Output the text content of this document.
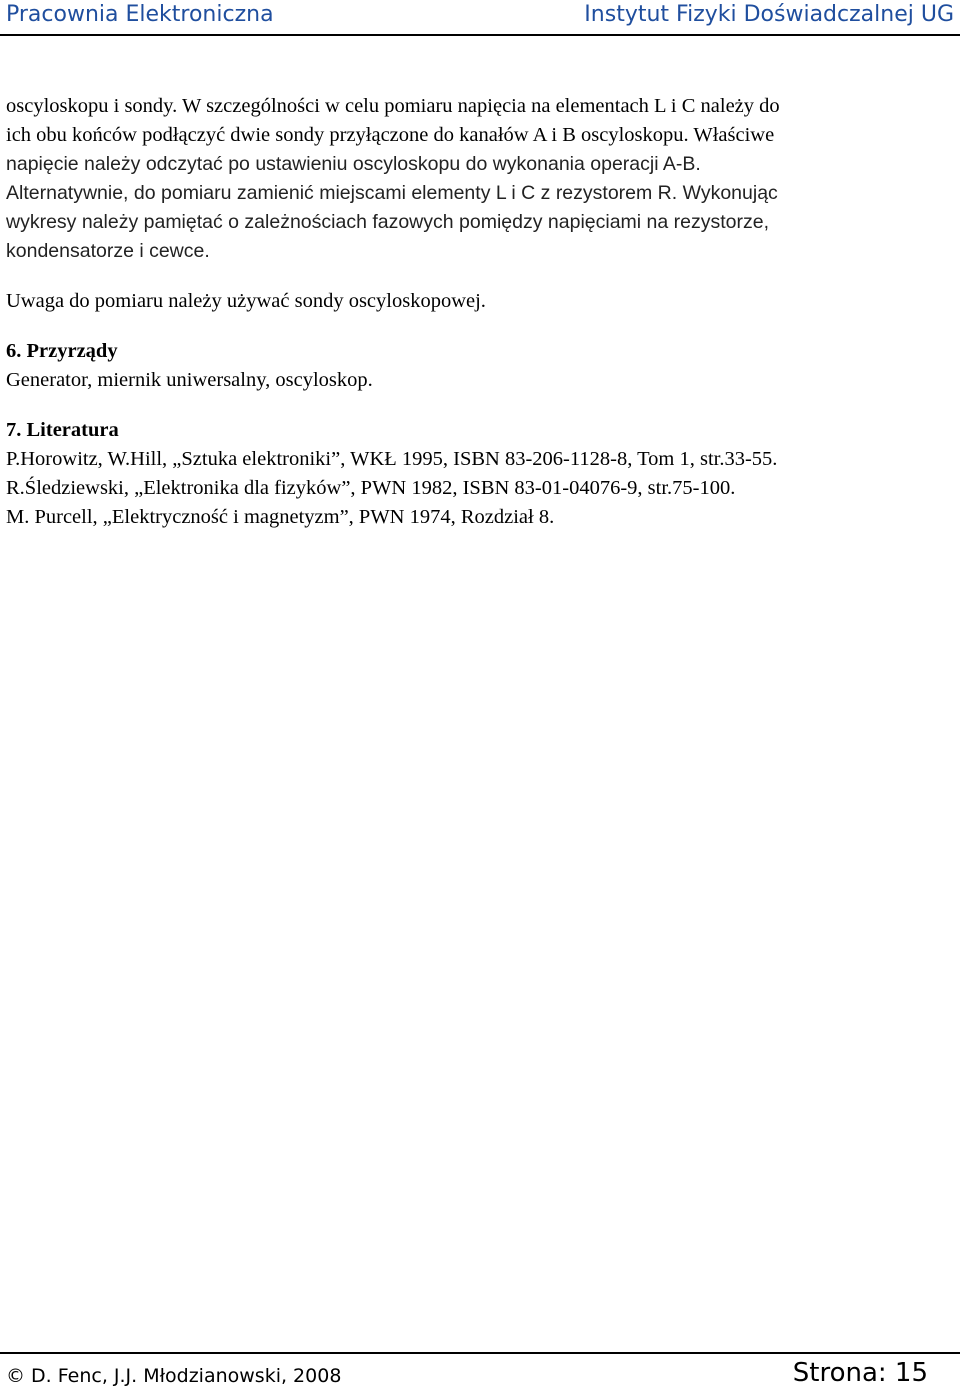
Pracownia Elektroniczna	Instytut Fizyki Doświadczalnej UG

oscyloskopu i sondy. W szczególności w celu pomiaru napięcia na elementach L i C należy do

ich obu końców podłączyć dwie sondy przyłączone do kanałów A i B oscyloskopu. Właściwe

napięcie należy odczytać po ustawieniu oscyloskopu do wykonania operacji A-B.

Alternatywnie, do pomiaru zamienić miejscami elementy L i C z rezystorem R. Wykonując

wykresy należy pamiętać o zależnościach fazowych pomiędzy napięciami na rezystorze,

kondensatorze i cewce.

Uwaga do pomiaru należy używać sondy oscyloskopowej.

6. Przyrządy

Generator, miernik uniwersalny, oscyloskop.

7. Literatura

P.Horowitz, W.Hill, „Sztuka elektroniki”, WKŁ 1995, ISBN 83-206-1128-8, Tom 1, str.33-55.

R.Śledziewski, „Elektronika dla fizyków”, PWN 1982, ISBN 83-01-04076-9, str.75-100.

M. Purcell, „Elektryczność i magnetyzm”, PWN 1974, Rozdział 8.

© D. Fenc, J.J. Młodzianowski, 2008	Strona: 15
